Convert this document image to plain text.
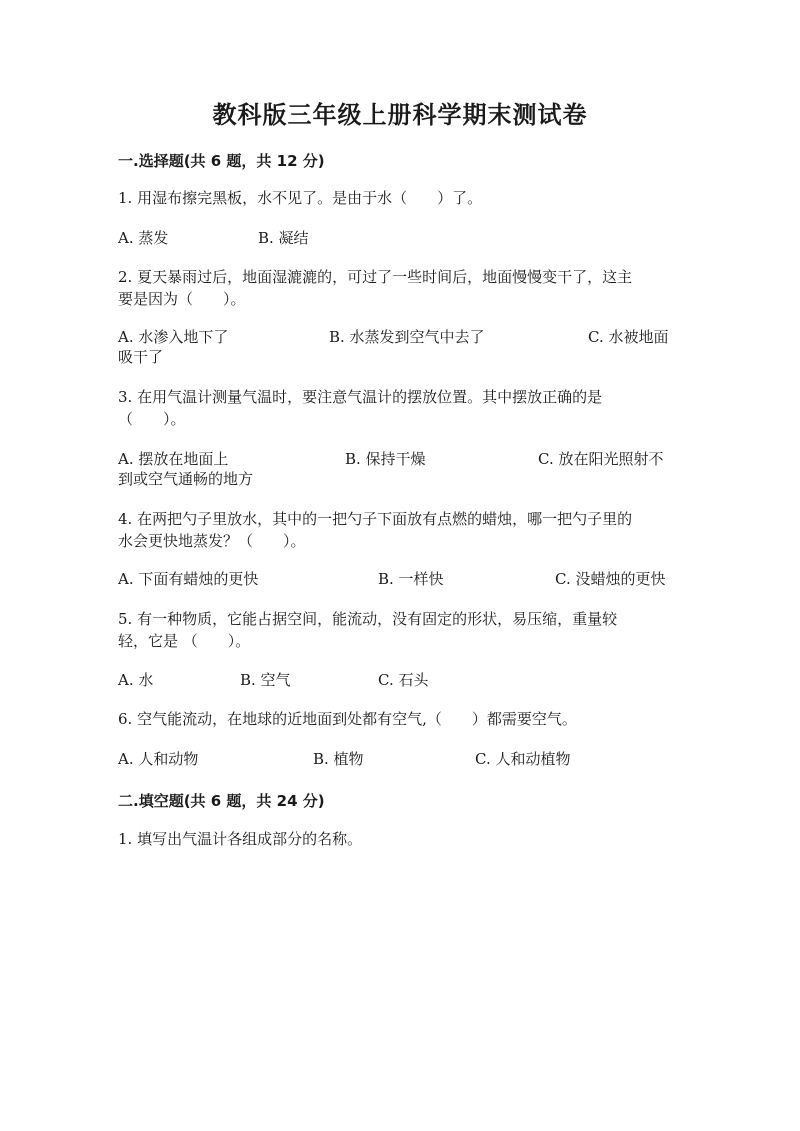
教科版三年级上册科学期末测试卷
一.选择题(共 6 题，共 12 分)
1. 用湿布擦完黑板，水不见了。是由于水（　　）了。
A. 蒸发	B. 凝结
2. 夏天暴雨过后，地面湿漉漉的，可过了一些时间后，地面慢慢变干了，这主
要是因为（　　）。
A. 水渗入地下了	B. 水蒸发到空气中去了	C. 水被地面
吸干了
3. 在用气温计测量气温时，要注意气温计的摆放位置。其中摆放正确的是
（　　）。
A. 摆放在地面上	B. 保持干燥	C. 放在阳光照射不
到或空气通畅的地方
4. 在两把勺子里放水，其中的一把勺子下面放有点燃的蜡烛，哪一把勺子里的
水会更快地蒸发？（　　）。
A. 下面有蜡烛的更快	B. 一样快	C. 没蜡烛的更快
5. 有一种物质，它能占据空间，能流动，没有固定的形状，易压缩，重量较
轻，它是 （　　）。
A. 水	B. 空气	C. 石头
6. 空气能流动，在地球的近地面到处都有空气,（　　）都需要空气。
A. 人和动物	B. 植物	C. 人和动植物
二.填空题(共 6 题，共 24 分)
1. 填写出气温计各组成部分的名称。
